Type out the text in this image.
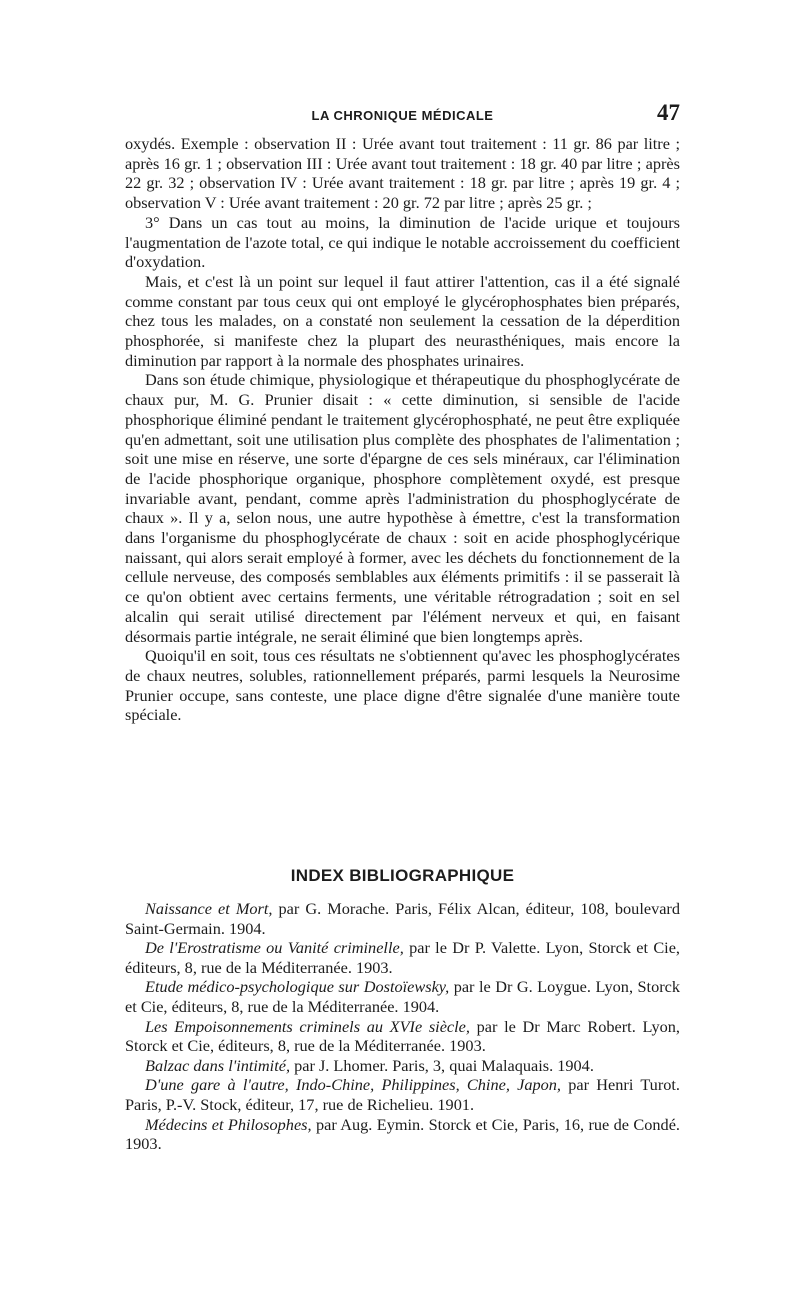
LA CHRONIQUE MÉDICALE	47

oxydés. Exemple : observation II : Urée avant tout traitement : 11 gr. 86 par litre ; après 16 gr. 1 ; observation III : Urée avant tout traitement : 18 gr. 40 par litre ; après 22 gr. 32 ; observation IV : Urée avant traitement : 18 gr. par litre ; après 19 gr. 4 ; observation V : Urée avant traitement : 20 gr. 72 par litre ; après 25 gr. ;

3° Dans un cas tout au moins, la diminution de l'acide urique et toujours l'augmentation de l'azote total, ce qui indique le notable accroissement du coefficient d'oxydation.

Mais, et c'est là un point sur lequel il faut attirer l'attention, cas il a été signalé comme constant par tous ceux qui ont employé le glycérophosphates bien préparés, chez tous les malades, on a constaté non seulement la cessation de la déperdition phosphorée, si manifeste chez la plupart des neurasthéniques, mais encore la diminution par rapport à la normale des phosphates urinaires.

Dans son étude chimique, physiologique et thérapeutique du phosphoglycérate de chaux pur, M. G. Prunier disait : « cette diminution, si sensible de l'acide phosphorique éliminé pendant le traitement glycérophosphaté, ne peut être expliquée qu'en admettant, soit une utilisation plus complète des phosphates de l'alimentation ; soit une mise en réserve, une sorte d'épargne de ces sels minéraux, car l'élimination de l'acide phosphorique organique, phosphore complètement oxydé, est presque invariable avant, pendant, comme après l'administration du phosphoglycérate de chaux ». Il y a, selon nous, une autre hypothèse à émettre, c'est la transformation dans l'organisme du phosphoglycérate de chaux : soit en acide phosphoglycérique naissant, qui alors serait employé à former, avec les déchets du fonctionnement de la cellule nerveuse, des composés semblables aux éléments primitifs : il se passerait là ce qu'on obtient avec certains ferments, une véritable rétrogradation ; soit en sel alcalin qui serait utilisé directement par l'élément nerveux et qui, en faisant désormais partie intégrale, ne serait éliminé que bien longtemps après.

Quoiqu'il en soit, tous ces résultats ne s'obtiennent qu'avec les phosphoglycérates de chaux neutres, solubles, rationnellement préparés, parmi lesquels la Neurosime Prunier occupe, sans conteste, une place digne d'être signalée d'une manière toute spéciale.

INDEX BIBLIOGRAPHIQUE

Naissance et Mort, par G. Morache. Paris, Félix Alcan, éditeur, 108, boulevard Saint-Germain. 1904.

De l'Erostratisme ou Vanité criminelle, par le Dr P. Valette. Lyon, Storck et Cie, éditeurs, 8, rue de la Méditerranée. 1903.

Etude médico-psychologique sur Dostoïewsky, par le Dr G. Loygue. Lyon, Storck et Cie, éditeurs, 8, rue de la Méditerranée. 1904.

Les Empoisonnements criminels au XVIe siècle, par le Dr Marc Robert. Lyon, Storck et Cie, éditeurs, 8, rue de la Méditerranée. 1903.

Balzac dans l'intimité, par J. Lhomer. Paris, 3, quai Malaquais. 1904.

D'une gare à l'autre, Indo-Chine, Philippines, Chine, Japon, par Henri Turot. Paris, P.-V. Stock, éditeur, 17, rue de Richelieu. 1901.

Médecins et Philosophes, par Aug. Eymin. Storck et Cie, Paris, 16, rue de Condé. 1903.
